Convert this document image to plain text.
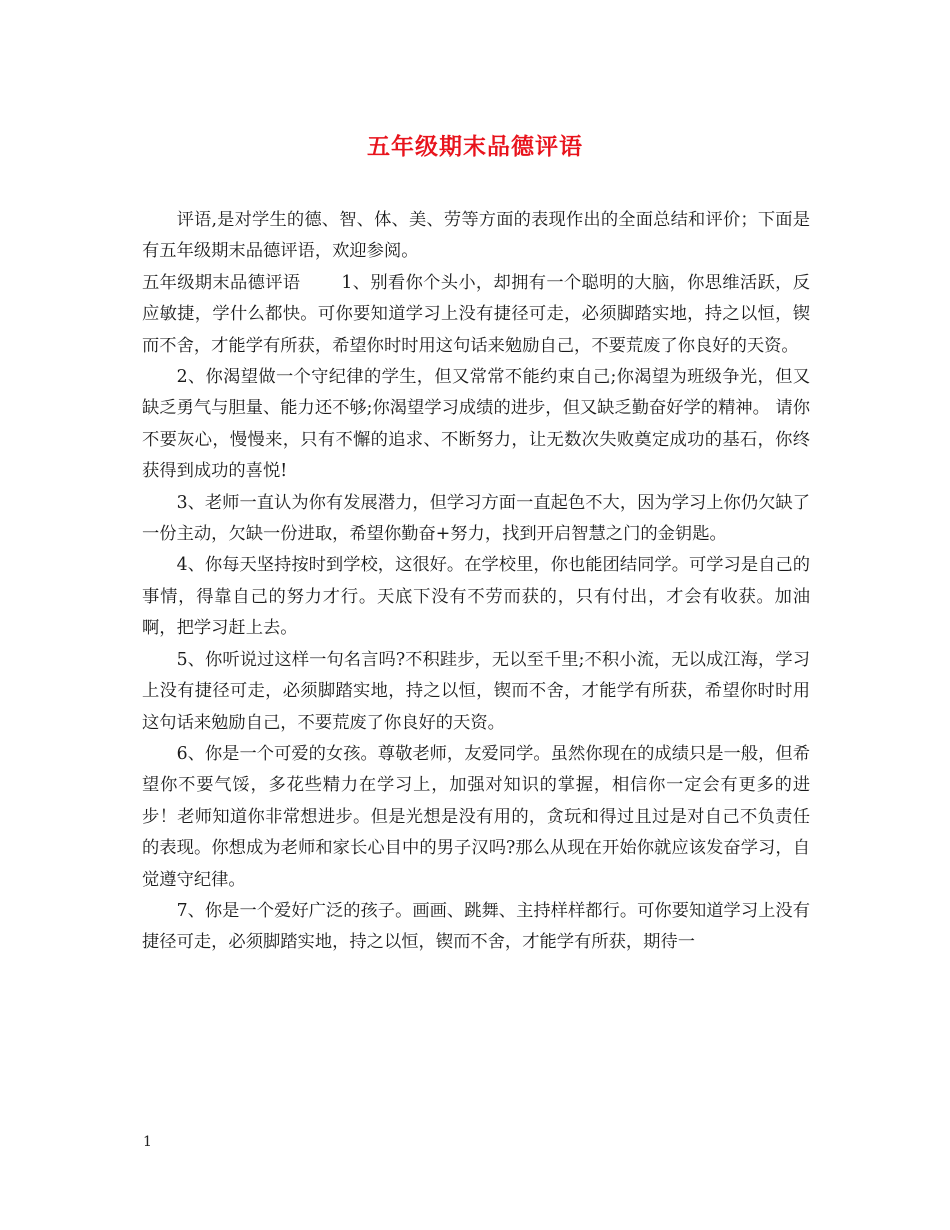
五年级期末品德评语

评语,是对学生的德、智、体、美、劳等方面的表现作出的全面总结和评价；下面是有五年级期末品德评语，欢迎参阅。

五年级期末品德评语　　 1、别看你个头小，却拥有一个聪明的大脑，你思维活跃，反应敏捷，学什么都快。可你要知道学习上没有捷径可走，必须脚踏实地，持之以恒，锲而不舍，才能学有所获，希望你时时用这句话来勉励自己，不要荒废了你良好的天资。

2、你渴望做一个守纪律的学生，但又常常不能约束自己;你渴望为班级争光，但又缺乏勇气与胆量、能力还不够;你渴望学习成绩的进步，但又缺乏勤奋好学的精神。 请你不要灰心，慢慢来，只有不懈的追求、不断努力，让无数次失败奠定成功的基石，你终获得到成功的喜悦!

3、老师一直认为你有发展潜力，但学习方面一直起色不大，因为学习上你仍欠缺了一份主动，欠缺一份进取，希望你勤奋+努力，找到开启智慧之门的金钥匙。

4、你每天坚持按时到学校，这很好。在学校里，你也能团结同学。可学习是自己的事情，得靠自己的努力才行。天底下没有不劳而获的，只有付出，才会有收获。加油啊，把学习赶上去。

5、你听说过这样一句名言吗?不积跬步，无以至千里;不积小流，无以成江海，学习上没有捷径可走，必须脚踏实地，持之以恒，锲而不舍，才能学有所获，希望你时时用这句话来勉励自己，不要荒废了你良好的天资。

6、你是一个可爱的女孩。尊敬老师，友爱同学。虽然你现在的成绩只是一般，但希望你不要气馁，多花些精力在学习上，加强对知识的掌握，相信你一定会有更多的进步！老师知道你非常想进步。但是光想是没有用的，贪玩和得过且过是对自己不负责任的表现。你想成为老师和家长心目中的男子汉吗?那么从现在开始你就应该发奋学习，自觉遵守纪律。

7、你是一个爱好广泛的孩子。画画、跳舞、主持样样都行。可你要知道学习上没有捷径可走，必须脚踏实地，持之以恒，锲而不舍，才能学有所获，期待一

1
